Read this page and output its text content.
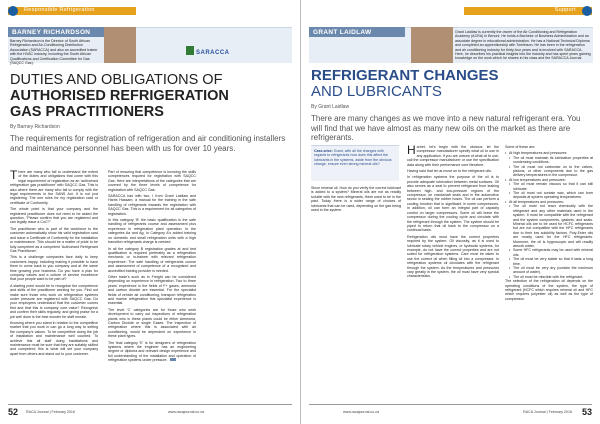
Responsible Refrigeration
BARNEY RICHARDSON
Barney Richardson is the Director of South African Refrigeration and Air-Conditioning Distribution Association (SARACCA) and also an accredited trainer with the HVAC industry, including the South African Qualifications and Certification Committee for Gas (SAQCC Gas).
SARACCA
DUTIES AND OBLIGATIONS OF
AUTHORISED REFRIGERATION
GAS PRACTITIONERS
By Barney Richardson
The requirements for registration of refrigeration and air conditioning installers and maintenance personnel has been with us for over 10 years.

There are many who fail to understand the extent of the duties and obligations that come with this legal requirement of registration as an 'authorised refrigeration gas practitioner' with SAQCC Gas. This is also where there are many who fail to comply with the legal requirements in the SANS Act. It is not just registering. The one rules for my registration card or certificate of Conformity.

The whole point is that your company and the registered practitioner does not need to be asked the question, "Please confirm that you are registered and can legally issue a CoC?"

The practitioner who is part of the workforce to the customer automatically show his valid registration card and issue a Certificate of Conformity for the installation or maintenance. This should be a matter of pride to be fully competent as a competent 'Authorised Refrigerant Gas Practitioner'.

This is a challenge companies face daily to keep customers happy, including making it possible to have them to come back to you company and at the same time growing your business. Do you have a plan for company values and a culture of service excellence that your people want to be part of?

A starting point would be to recognise the competence and skills of the practitioner working for you. Find out make sure those who work on refrigeration systems under pressure are registered with SAQCC Gas. Do your employees understand that the customer comes first and that this is company core value? Recognise and confirm their skills regularly, and giving praise for a job well done is the best wonder for staff morale.

Knowing where you stand in relation to the competitive market that you work in can go a long way to setting the company's values. To be competitive doing the job of installation and maintenance well counted. To achieve this all staff doing installations and maintenance must be sure that they are suitably skilled and competent; this is what will set your company apart from others and stand out to your customer.

Part of ensuring that competence is knowing the skills competences required for registration with SAQCC Gas. Here are interpretations of the categories that are covered by the three levels of competence for registration with SAQCC Gas.

SARACCA has with two, I from Grant Laidlaw and Harris Hassam, a manual for the training in the safe handling of refrigerants towards the registration with SAQCC Gas. This is a requirement for all categories of registration.

In this category 'B' the basic qualification is the safe handling of refrigerants course and assessment plus experience in refrigeration plant operation. In the categories Aa and Ag, in Category A's added training on domestic and small refrigeration units with a high transition refrigerants charge is needed.

In all the category B registration grades at and test qualification is required preferably as a refrigeration mechanic or in-trainee with relevant refrigeration experience. The safe handling of refrigerants course and assessment of competence of a recognised and accredited training provider is needed.

Other trade's such as in Freight can be considered depending on experience in refrigeration. Two to three years' experience in the fields of F+ gases, ammonia and carbon dioxide are essential. For the specialist fields of vehicle air conditioning, transport refrigeration and marine refrigeration this specialist experience is essential.

The level 'C' categories are for those who seek development to carry out inspections of refrigeration plants who in these plants could be either Ammonia, Carbon Dioxide or single Gases. The inspection of refrigeration where this is associated with air conditioning, would be dependent on experience in these plant types.

The final category 'E' is for designers of refrigeration systems where the engineer has an engineering degree or diploma and relevant design experience and full understanding of the installation and operation of refrigeration systems under pressure.

52 RACA Journal | February 2016	www.racajournal.co.za
Support
GRANT LAIDLAW	Grant Laidlaw is currently the owner of the Air Conditioning and Refrigeration Academy (ACRA) in Benoni. He holds a Bachelor of Business Administration and an associate degree in educational administration. He has a National Technical Diploma and completed an apprenticeship with Tomlinson. He has been in the refrigeration and air conditioning industry for thirty-four years and is involved with SARACCA. Here, he describes his practical insights into the industry and has spent years gaining knowledge on the work which he shares in his class and the SARACCA Journal.
REFRIGERANT CHANGES
AND LUBRICANTS
By Grant Laidlaw
There are many changes as we move into a new natural refrigerant era. You will find that we have almost as many new oils on the market as there are refrigerants.
Case-wise: Grant, with all the changes with regards to refrigerants how does this affect the lubricants in the systems, aside from the obvious change, ensure even strong mineral oils?

Since mineral oil. How do you verify the correct lubricant is added to a system? Mineral oils are not as readily soluble with the new refrigerants, there used to be in the past. Today there is a wider range of choices of lubricants that can be used, depending on the gas being used in the system.

Harriet, let's begin with the obvious: let the compressor manufacturer specify what oil to use in any application. If you are unsure of what oil to use, call the compressor manufacturer or use the specification data along with their performance core literature.

Having said that let us move on to the refrigerant oils.

In refrigeration systems the purpose of the oil is to provide adequate lubrication between metal surfaces. Oil also serves as a seal to prevent refrigerant from leaking between high- and low-pressure regions of the compressor, on crankshaft seals and in the automotive sector in sealing the rubber hoses. The oil can perform a cooling function that is significant in some compressors. In addition, oil can form an integral part of capacity control on larger compressors. Some oil will leave the compressor during the cooling cycle and circulate with the refrigerant through the system. The system should be piped to return that oil back to the compressor on a continual basis.

Refrigeration oils must have the correct properties required by the system. Oil viscosity, as it is used to lubricate rotary vehicle engines, or hydraulic systems, for example, do not have the correct properties and are not suited for refrigeration systems. Care must be taken to use the correct oil when filling oil into a compressor. In refrigeration systems oil circulates with the refrigerant through the system. As the temperatures and pressures vary greatly in the system, the oil must have very special characteristics.

Some of these are:

• At high temperatures and pressures:
• The oil must maintain its lubrication properties at condensing conditions.
• The oil must not carbonise on to the valves, pistons, or other components due to the gas delivery temperatures in the compressor.
• At low temperatures and pressures:
• The oil must remain viscous so that it can still lubricate.
• The oil must not contain wax, which can form deposits at system operating temperatures.
• At all temperatures and pressures:
• The oil must not react chemically with the refrigerant and any other materials used in the system. It must be compatible with the refrigerant and the system components, gaskets, and seals. Mineral oils are to be used for HCFC refrigerants but are not compatible with the HFC refrigerants due to their low solubility factors. Poly-Ester oils are mostly used for the HFC refrigerants. Moreover, the oil is hygroscopic and will readily absorb water.
• Some HFC refrigerants may be used with mineral oils.
• The oil must be very stable so that it lasts a long time.
• The oil must be very dry (contain the minimum amount of water).
• The oil must be miscible with the refrigerant.

The selection of the refrigeration oil depends on the operating conditions of the system, the type of refrigerant (HCFC which requires mineral oil and HFC which requires polyester oil) as well as the type of compressor.

www.racajournal.co.za	RACA Journal | February 2016 53
